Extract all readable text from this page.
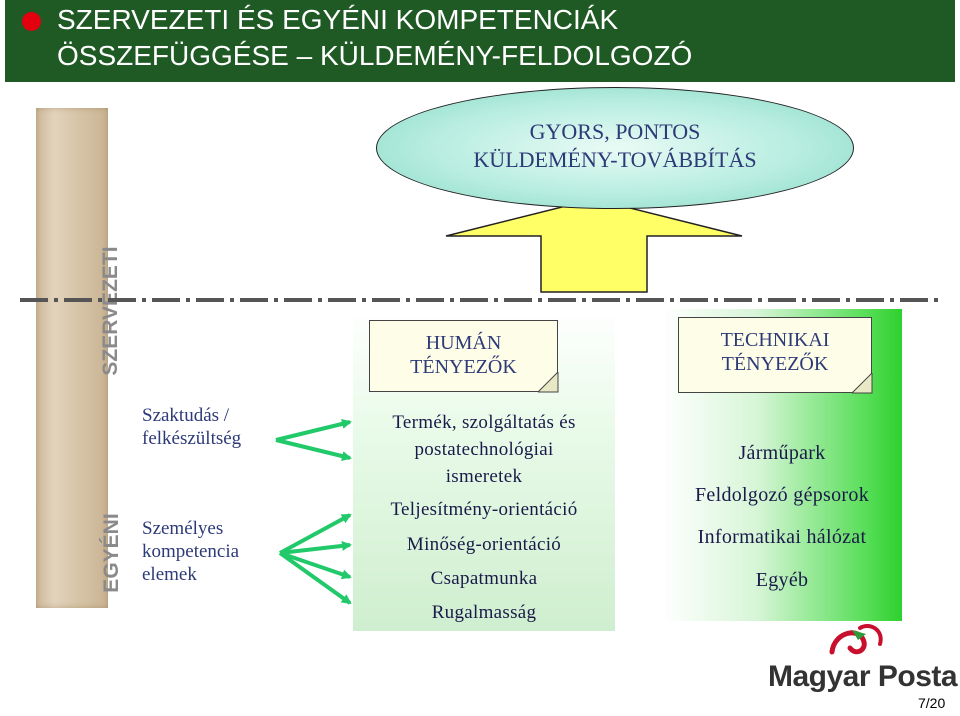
SZERVEZETI ÉS EGYÉNI KOMPETENCIÁK
ÖSSZEFÜGGÉSE – KÜLDEMÉNY-FELDOLGOZÓ
SZERVEZETI
EGYÉNI
GYORS, PONTOS
KÜLDEMÉNY-TOVÁBBÍTÁS
Szaktudás /
felkészültség
Személyes
kompetencia
elemek
Termék, szolgáltatás és
postatechnológiai
ismeretek
Teljesítmény-orientáció
Minőség-orientáció
Csapatmunka
Rugalmasság
HUMÁN
TÉNYEZŐK
Járműpark
Feldolgozó gépsorok
Informatikai hálózat
Egyéb
TECHNIKAI
TÉNYEZŐK
Magyar Posta
7/20
